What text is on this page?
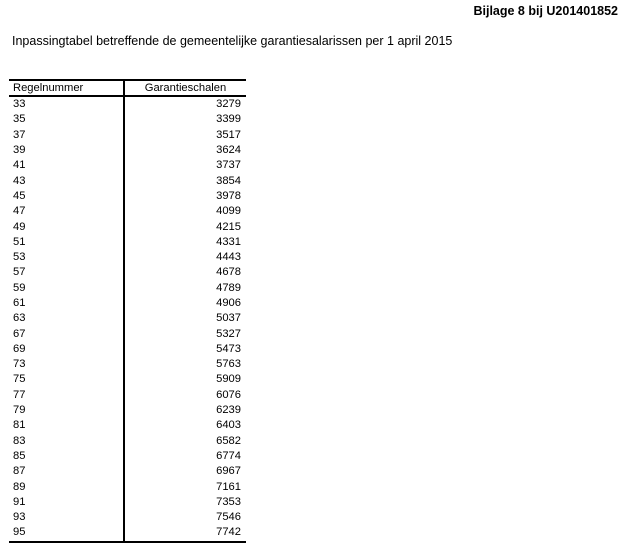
Bijlage 8 bij U201401852
Inpassingtabel betreffende de gemeentelijke garantiesalarissen per 1 april 2015
Regelnummer	Garantieschalen
33	3279
35	3399
37	3517
39	3624
41	3737
43	3854
45	3978
47	4099
49	4215
51	4331
53	4443
57	4678
59	4789
61	4906
63	5037
67	5327
69	5473
73	5763
75	5909
77	6076
79	6239
81	6403
83	6582
85	6774
87	6967
89	7161
91	7353
93	7546
95	7742
